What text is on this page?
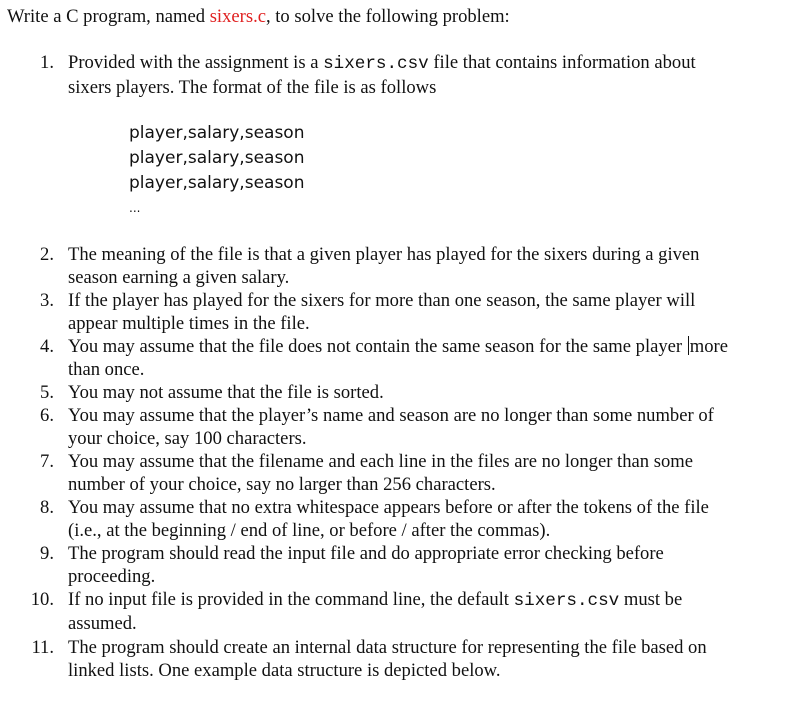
Write a C program, named sixers.c, to solve the following problem:
1. Provided with the assignment is a sixers.csv file that contains information about
sixers players. The format of the file is as follows
player,salary,season
player,salary,season
player,salary,season
...
2. The meaning of the file is that a given player has played for the sixers during a given
season earning a given salary.
3. If the player has played for the sixers for more than one season, the same player will
appear multiple times in the file.
4. You may assume that the file does not contain the same season for the same player more
than once.
5. You may not assume that the file is sorted.
6. You may assume that the player’s name and season are no longer than some number of
your choice, say 100 characters.
7. You may assume that the filename and each line in the files are no longer than some
number of your choice, say no larger than 256 characters.
8. You may assume that no extra whitespace appears before or after the tokens of the file
(i.e., at the beginning / end of line, or before / after the commas).
9. The program should read the input file and do appropriate error checking before
proceeding.
10. If no input file is provided in the command line, the default sixers.csv must be
assumed.
11. The program should create an internal data structure for representing the file based on
linked lists. One example data structure is depicted below.
